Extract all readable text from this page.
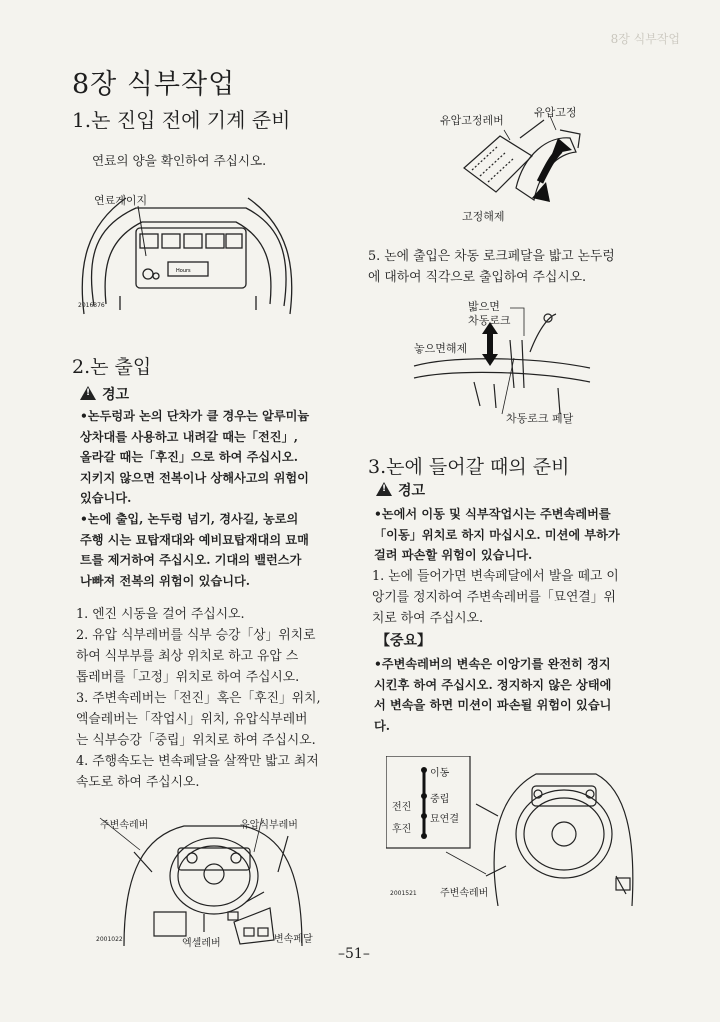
8장 식부작업
8장 식부작업
1.논 진입 전에 기계 준비
연료의 양을 확인하여 주십시오.
Hours
연료게이지
2016376
2.논 출입
!경고
•논두렁과 논의 단차가 클 경우는 알루미늄
상차대를 사용하고 내려갈 때는「전진」,
올라갈 때는「후진」으로 하여 주십시오.
지키지 않으면 전복이나 상해사고의 위험이
있습니다.
•논에 출입, 논두렁 넘기, 경사길, 농로의
주행 시는 묘탑재대와 예비묘탑재대의 묘매
트를 제거하여 주십시오. 기대의 밸런스가
나빠져 전복의 위험이 있습니다.
1. 엔진 시동을 걸어 주십시오.
2. 유압 식부레버를 식부 승강「상」위치로
하여 식부부를 최상 위치로 하고 유압 스
톱레버를「고정」위치로 하여 주십시오.
3. 주변속레버는「전진」혹은「후진」위치,
엑슬레버는「작업시」위치, 유압식부레버
는 식부승강「중립」위치로 하여 주십시오.
4. 주행속도는 변속페달을 살짝만 밟고 최저
속도로 하여 주십시오.
주변속레버	유압식부레버
엑셀레버	변속페달
2001022
유압고정레버
유압고정
고정해제
5. 논에 출입은 차동 로크페달을 밟고 논두렁
에 대하여 직각으로 출입하여 주십시오.
밟으면
차동로크
놓으면해제
차동로크 페달
3.논에 들어갈 때의 준비
!경고
•논에서 이동 및 식부작업시는 주변속레버를
「이동」위치로 하지 마십시오. 미션에 부하가
걸려 파손할 위험이 있습니다.
1. 논에 들어가면 변속페달에서 발을 떼고 이
앙기를 정지하여 주변속레버를「묘연결」위
치로 하여 주십시오.
【중요】
•주변속레버의 변속은 이앙기를 완전히 정지
시킨후 하여 주십시오. 정지하지 않은 상태에
서 변속을 하면 미션이 파손될 위험이 있습니
다.
이동
중립
전진
묘연결
후진
주변속레버
2001521
–51–
